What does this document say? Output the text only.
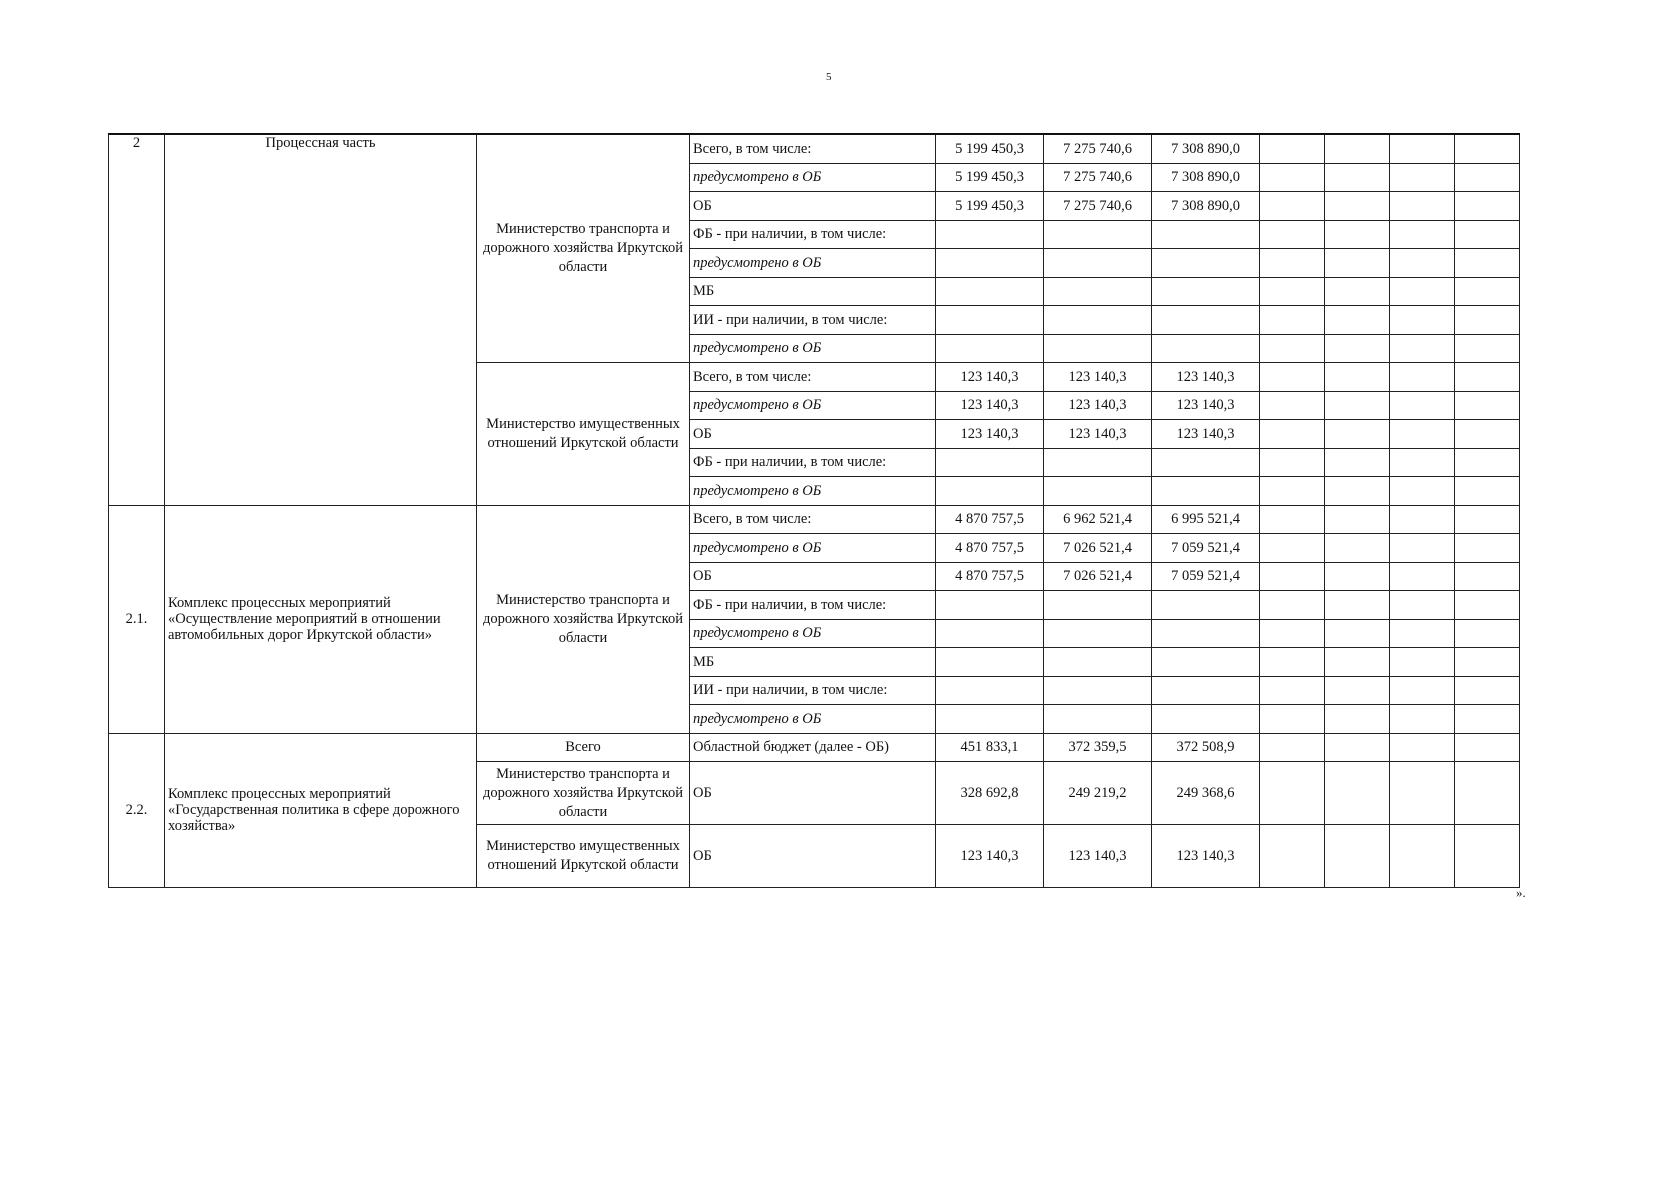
5
2	Процессная часть	Министерство транспорта и дорожного хозяйства Иркутской области	Всего, в том числе:	5 199 450,3	7 275 740,6	7 308 890,0				
			предусмотрено в ОБ	5 199 450,3	7 275 740,6	7 308 890,0				
			ОБ	5 199 450,3	7 275 740,6	7 308 890,0				
			ФБ - при наличии, в том числе:							
			предусмотрено в ОБ							
			МБ							
			ИИ - при наличии, в том числе:							
			предусмотрено в ОБ							
		Министерство имущественных отношений Иркутской области	Всего, в том числе:	123 140,3	123 140,3	123 140,3				
			предусмотрено в ОБ	123 140,3	123 140,3	123 140,3				
			ОБ	123 140,3	123 140,3	123 140,3				
			ФБ - при наличии, в том числе:							
			предусмотрено в ОБ							
2.1.	Комплекс процессных мероприятий «Осуществление мероприятий в отношении автомобильных дорог Иркутской области»	Министерство транспорта и дорожного хозяйства Иркутской области	Всего, в том числе:	4 870 757,5	6 962 521,4	6 995 521,4				
			предусмотрено в ОБ	4 870 757,5	7 026 521,4	7 059 521,4				
			ОБ	4 870 757,5	7 026 521,4	7 059 521,4				
			ФБ - при наличии, в том числе:							
			предусмотрено в ОБ							
			МБ							
			ИИ - при наличии, в том числе:							
			предусмотрено в ОБ							
2.2.	Комплекс процессных мероприятий «Государственная политика в сфере дорожного хозяйства»	Всего	Областной бюджет (далее - ОБ)	451 833,1	372 359,5	372 508,9				
		Министерство транспорта и дорожного хозяйства Иркутской области	ОБ	328 692,8	249 219,2	249 368,6				
		Министерство имущественных отношений Иркутской области	ОБ	123 140,3	123 140,3	123 140,3				
».
